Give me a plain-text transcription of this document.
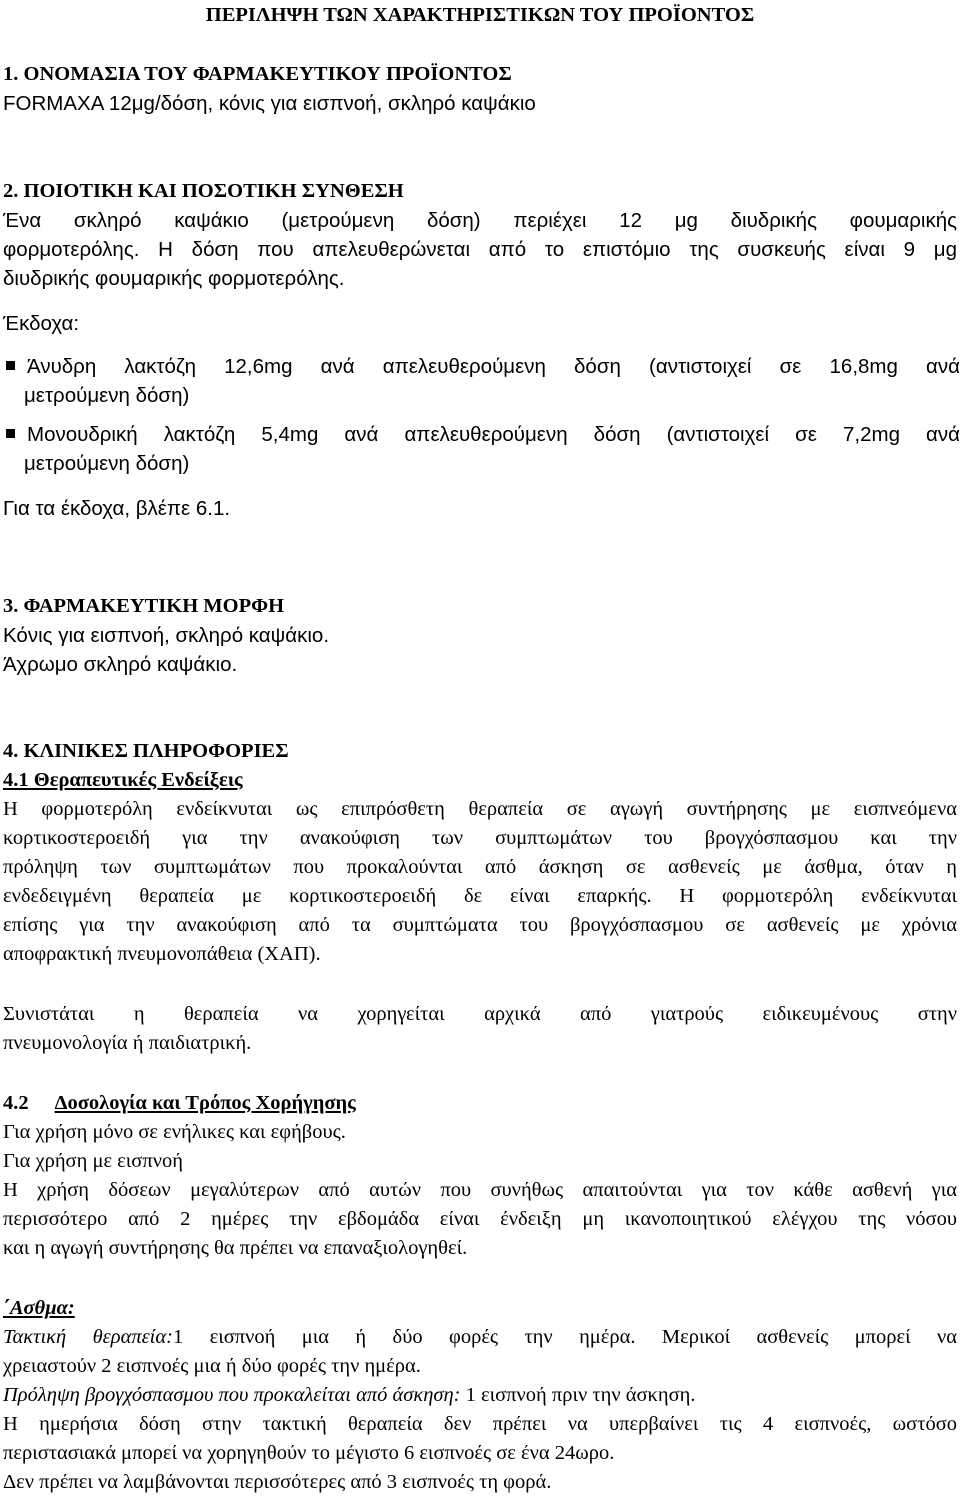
ΠΕΡΙΛΗΨΗ ΤΩΝ ΧΑΡΑΚΤΗΡΙΣΤΙΚΩΝ ΤΟΥ ΠΡΟΪΟΝΤΟΣ
1. ΟΝΟΜΑΣΙΑ ΤΟΥ ΦΑΡΜΑΚΕΥΤΙΚΟΥ ΠΡΟΪΟΝΤΟΣ
FORMAXA 12μg/δόση, κόνις για εισπνοή, σκληρό καψάκιο
2. ΠΟΙΟΤΙΚΗ ΚΑΙ ΠΟΣΟΤΙΚΗ ΣΥΝΘΕΣΗ
Ένα σκληρό καψάκιο (μετρούμενη δόση) περιέχει 12 μg διυδρικής φουμαρικής
φορμοτερόλης. Η δόση που απελευθερώνεται από το επιστόμιο της συσκευής είναι 9 μg
διυδρικής φουμαρικής φορμοτερόλης.
Έκδοχα:
Άνυδρη λακτόζη 12,6mg ανά απελευθερούμενη δόση (αντιστοιχεί σε 16,8mg ανά
μετρούμενη δόση)
Μονουδρική λακτόζη 5,4mg ανά απελευθερούμενη δόση (αντιστοιχεί σε 7,2mg ανά
μετρούμενη δόση)
Για τα έκδοχα, βλέπε 6.1.
3. ΦΑΡΜΑΚΕΥΤΙΚΗ ΜΟΡΦΗ
Κόνις για εισπνοή, σκληρό καψάκιο.
Άχρωμο σκληρό καψάκιο.
4. ΚΛΙΝΙΚΕΣ ΠΛΗΡΟΦΟΡΙΕΣ
4.1 Θεραπευτικές Ενδείξεις
Η φορμοτερόλη ενδείκνυται ως επιπρόσθετη θεραπεία σε αγωγή συντήρησης με εισπνεόμενα
κορτικοστεροειδή για την ανακούφιση των συμπτωμάτων του βρογχόσπασμου και την
πρόληψη των συμπτωμάτων που προκαλούνται από άσκηση σε ασθενείς με άσθμα, όταν η
ενδεδειγμένη θεραπεία με κορτικοστεροειδή δε είναι επαρκής. Η φορμοτερόλη ενδείκνυται
επίσης για την ανακούφιση από τα συμπτώματα του βρογχόσπασμου σε ασθενείς με χρόνια
αποφρακτική πνευμονοπάθεια (ΧΑΠ).
Συνιστάται η θεραπεία να χορηγείται αρχικά από γιατρούς ειδικευμένους στην
πνευμονολογία ή παιδιατρική.
4.2 Δοσολογία και Τρόπος Χορήγησης
Για χρήση μόνο σε ενήλικες και εφήβους.
Για χρήση με εισπνοή
Η χρήση δόσεων μεγαλύτερων από αυτών που συνήθως απαιτούνται για τον κάθε ασθενή για
περισσότερο από 2 ημέρες την εβδομάδα είναι ένδειξη μη ικανοποιητικού ελέγχου της νόσου
και η αγωγή συντήρησης θα πρέπει να επαναξιολογηθεί.
΄Ασθμα:
Τακτική θεραπεία:1 εισπνοή μια ή δύο φορές την ημέρα. Μερικοί ασθενείς μπορεί να
χρειαστούν 2 εισπνοές μια ή δύο φορές την ημέρα.
Πρόληψη βρογχόσπασμου που προκαλείται από άσκηση: 1 εισπνοή πριν την άσκηση.
Η ημερήσια δόση στην τακτική θεραπεία δεν πρέπει να υπερβαίνει τις 4 εισπνοές, ωστόσο
περιστασιακά μπορεί να χορηγηθούν το μέγιστο 6 εισπνοές σε ένα 24ωρο.
Δεν πρέπει να λαμβάνονται περισσότερες από 3 εισπνοές τη φορά.
